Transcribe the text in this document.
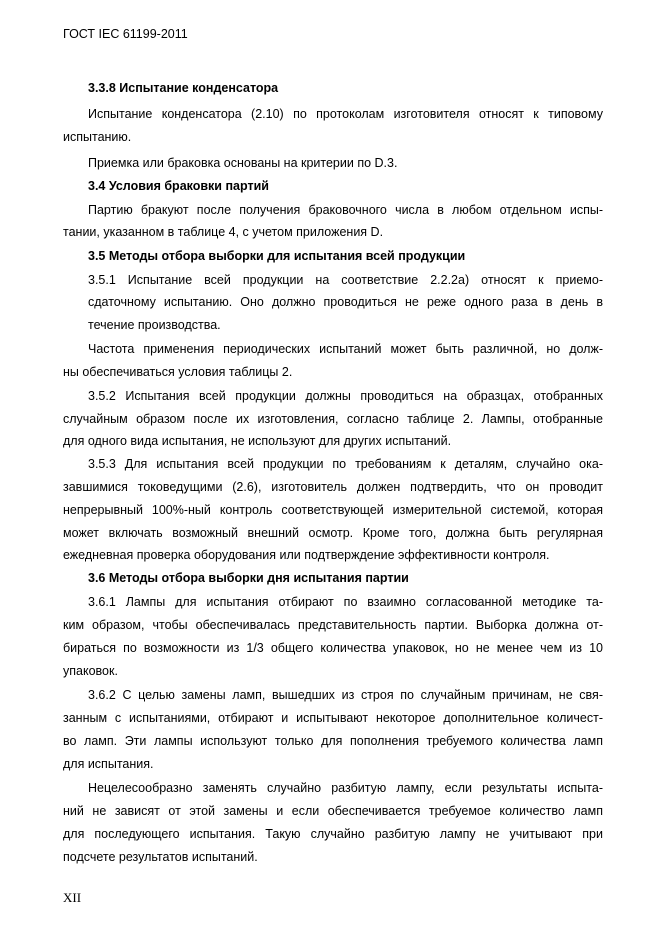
ГОСТ IEC 61199-2011
3.3.8 Испытание конденсатора
Испытание конденсатора (2.10) по протоколам изготовителя относят к типовому
испытанию.
Приемка или браковка основаны на критерии по D.3.
3.4 Условия браковки партий
Партию бракуют после получения браковочного числа в любом отдельном испы-
тании, указанном в таблице 4, с учетом приложения D.
3.5 Методы отбора выборки для испытания всей продукции
3.5.1 Испытание всей продукции на соответствие 2.2.2а) относят к приемо-
сдаточному испытанию. Оно должно проводиться не реже одного раза в день в
течение производства.
Частота применения периодических испытаний может быть различной, но долж-
ны обеспечиваться условия таблицы 2.
3.5.2 Испытания всей продукции должны проводиться на образцах, отобранных
случайным образом после их изготовления, согласно таблице 2. Лампы, отобранные
для одного вида испытания, не используют для других испытаний.
3.5.3 Для испытания всей продукции по требованиям к деталям, случайно ока-
завшимися токоведущими (2.6), изготовитель должен подтвердить, что он проводит
непрерывный 100%-ный контроль соответствующей измерительной системой, которая
может включать возможный внешний осмотр. Кроме того, должна быть регулярная
ежедневная проверка оборудования или подтверждение эффективности контроля.
3.6 Методы отбора выборки дня испытания партии
3.6.1 Лампы для испытания отбирают по взаимно согласованной методике та-
ким образом, чтобы обеспечивалась представительность партии. Выборка должна от-
бираться по возможности из 1/3 общего количества упаковок, но не менее чем из 10
упаковок.
3.6.2 С целью замены ламп, вышедших из строя по случайным причинам, не свя-
занным с испытаниями, отбирают и испытывают некоторое дополнительное количест-
во ламп. Эти лампы используют только для пополнения требуемого количества ламп
для испытания.
Нецелесообразно заменять случайно разбитую лампу, если результаты испыта-
ний не зависят от этой замены и если обеспечивается требуемое количество ламп
для последующего испытания. Такую случайно разбитую лампу не учитывают при
подсчете результатов испытаний.
XII
